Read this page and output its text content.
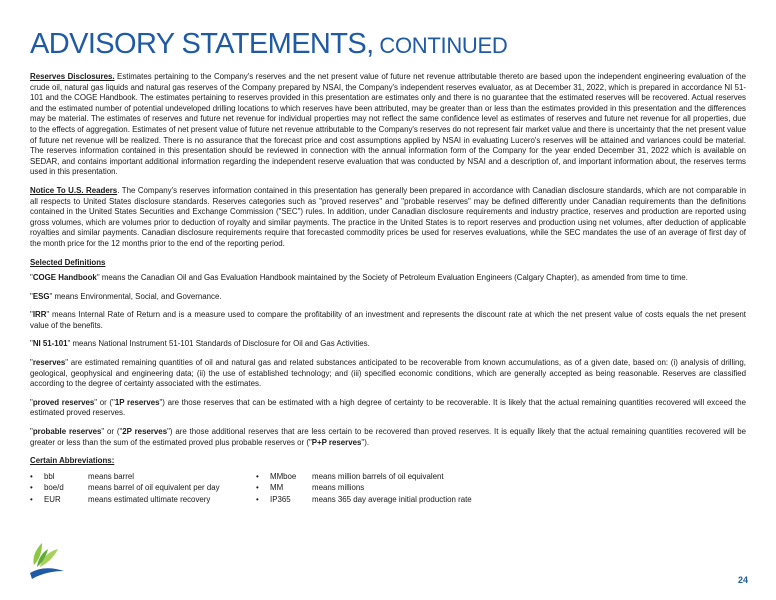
ADVISORY STATEMENTS, CONTINUED

Reserves Disclosures. Estimates pertaining to the Company's reserves and the net present value of future net revenue attributable thereto are based upon the independent engineering evaluation of the crude oil, natural gas liquids and natural gas reserves of the Company prepared by NSAI, the Company's independent reserves evaluator, as at December 31, 2022, which is prepared in accordance NI 51-101 and the COGE Handbook. The estimates pertaining to reserves provided in this presentation are estimates only and there is no guarantee that the estimated reserves will be recovered. Actual reserves and the estimated number of potential undeveloped drilling locations to which reserves have been attributed, may be greater than or less than the estimates provided in this presentation and the differences may be material. The estimates of reserves and future net revenue for individual properties may not reflect the same confidence level as estimates of reserves and future net revenue for all properties, due to the effects of aggregation. Estimates of net present value of future net revenue attributable to the Company's reserves do not represent fair market value and there is uncertainty that the net present value of future net revenue will be realized. There is no assurance that the forecast price and cost assumptions applied by NSAI in evaluating Lucero's reserves will be attained and variances could be material. The reserves information contained in this presentation should be reviewed in connection with the annual information form of the Company for the year ended December 31, 2022 which is available on SEDAR, and contains important additional information regarding the independent reserve evaluation that was conducted by NSAI and a description of, and important information about, the reserves terms used in this presentation.

Notice To U.S. Readers. The Company's reserves information contained in this presentation has generally been prepared in accordance with Canadian disclosure standards, which are not comparable in all respects to United States disclosure standards. Reserves categories such as "proved reserves" and "probable reserves" may be defined differently under Canadian requirements than the definitions contained in the United States Securities and Exchange Commission ("SEC") rules. In addition, under Canadian disclosure requirements and industry practice, reserves and production are reported using gross volumes, which are volumes prior to deduction of royalty and similar payments. The practice in the United States is to report reserves and production using net volumes, after deduction of applicable royalties and similar payments. Canadian disclosure requirements require that forecasted commodity prices be used for reserves evaluations, while the SEC mandates the use of an average of first day of the month price for the 12 months prior to the end of the reporting period.

Selected Definitions

"COGE Handbook" means the Canadian Oil and Gas Evaluation Handbook maintained by the Society of Petroleum Evaluation Engineers (Calgary Chapter), as amended from time to time.

"ESG" means Environmental, Social, and Governance.

"IRR" means Internal Rate of Return and is a measure used to compare the profitability of an investment and represents the discount rate at which the net present value of costs equals the net present value of the benefits.

"NI 51-101" means National Instrument 51-101 Standards of Disclosure for Oil and Gas Activities.

"reserves" are estimated remaining quantities of oil and natural gas and related substances anticipated to be recoverable from known accumulations, as of a given date, based on: (i) analysis of drilling, geological, geophysical and engineering data; (ii) the use of established technology; and (iii) specified economic conditions, which are generally accepted as being reasonable. Reserves are classified according to the degree of certainty associated with the estimates.

"proved reserves" or ("1P reserves") are those reserves that can be estimated with a high degree of certainty to be recoverable. It is likely that the actual remaining quantities recovered will exceed the estimated proved reserves.

"probable reserves" or ("2P reserves") are those additional reserves that are less certain to be recovered than proved reserves. It is equally likely that the actual remaining quantities recovered will be greater or less than the sum of the estimated proved plus probable reserves or ("P+P reserves").

Certain Abbreviations:
•	bbl	means barrel
•	boe/d	means barrel of oil equivalent per day
•	EUR	means estimated ultimate recovery
•	MMboe	means million barrels of oil equivalent
•	MM	means millions
•	IP365	means 365 day average initial production rate
24
